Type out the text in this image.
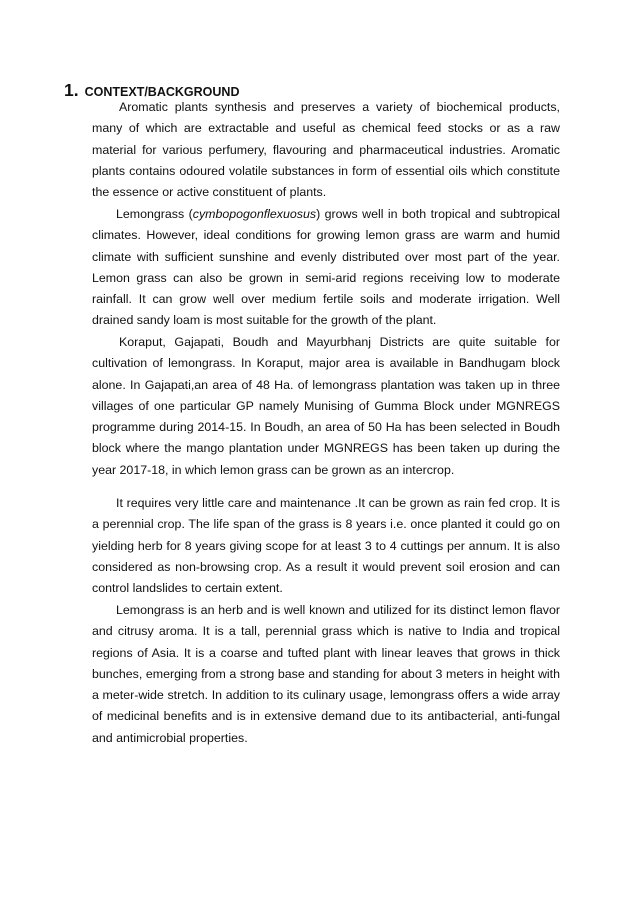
1. CONTEXT/BACKGROUND

Aromatic plants synthesis and preserves a variety of biochemical products, many of which are extractable and useful as chemical feed stocks or as a raw material for various perfumery, flavouring and pharmaceutical industries. Aromatic plants contains odoured volatile substances in form of essential oils which constitute the essence or active constituent of plants.

Lemongrass (cymbopogonflexuosus) grows well in both tropical and subtropical climates. However, ideal conditions for growing lemon grass are warm and humid climate with sufficient sunshine and evenly distributed over most part of the year. Lemon grass can also be grown in semi-arid regions receiving low to moderate rainfall. It can grow well over medium fertile soils and moderate irrigation. Well drained sandy loam is most suitable for the growth of the plant.

Koraput, Gajapati, Boudh and Mayurbhanj Districts are quite suitable for cultivation of lemongrass. In Koraput, major area is available in Bandhugam block alone. In Gajapati,an area of 48 Ha. of lemongrass plantation was taken up in three villages of one particular GP namely Munising of Gumma Block under MGNREGS programme during 2014-15. In Boudh, an area of 50 Ha has been selected in Boudh block where the mango plantation under MGNREGS has been taken up during the year 2017-18, in which lemon grass can be grown as an intercrop.

It requires very little care and maintenance .It can be grown as rain fed crop. It is a perennial crop. The life span of the grass is 8 years i.e. once planted it could go on yielding herb for 8 years giving scope for at least 3 to 4 cuttings per annum. It is also considered as non-browsing crop. As a result it would prevent soil erosion and can control landslides to certain extent.

Lemongrass is an herb and is well known and utilized for its distinct lemon flavor and citrusy aroma. It is a tall, perennial grass which is native to India and tropical regions of Asia. It is a coarse and tufted plant with linear leaves that grows in thick bunches, emerging from a strong base and standing for about 3 meters in height with a meter-wide stretch. In addition to its culinary usage, lemongrass offers a wide array of medicinal benefits and is in extensive demand due to its antibacterial, anti-fungal and antimicrobial properties.
